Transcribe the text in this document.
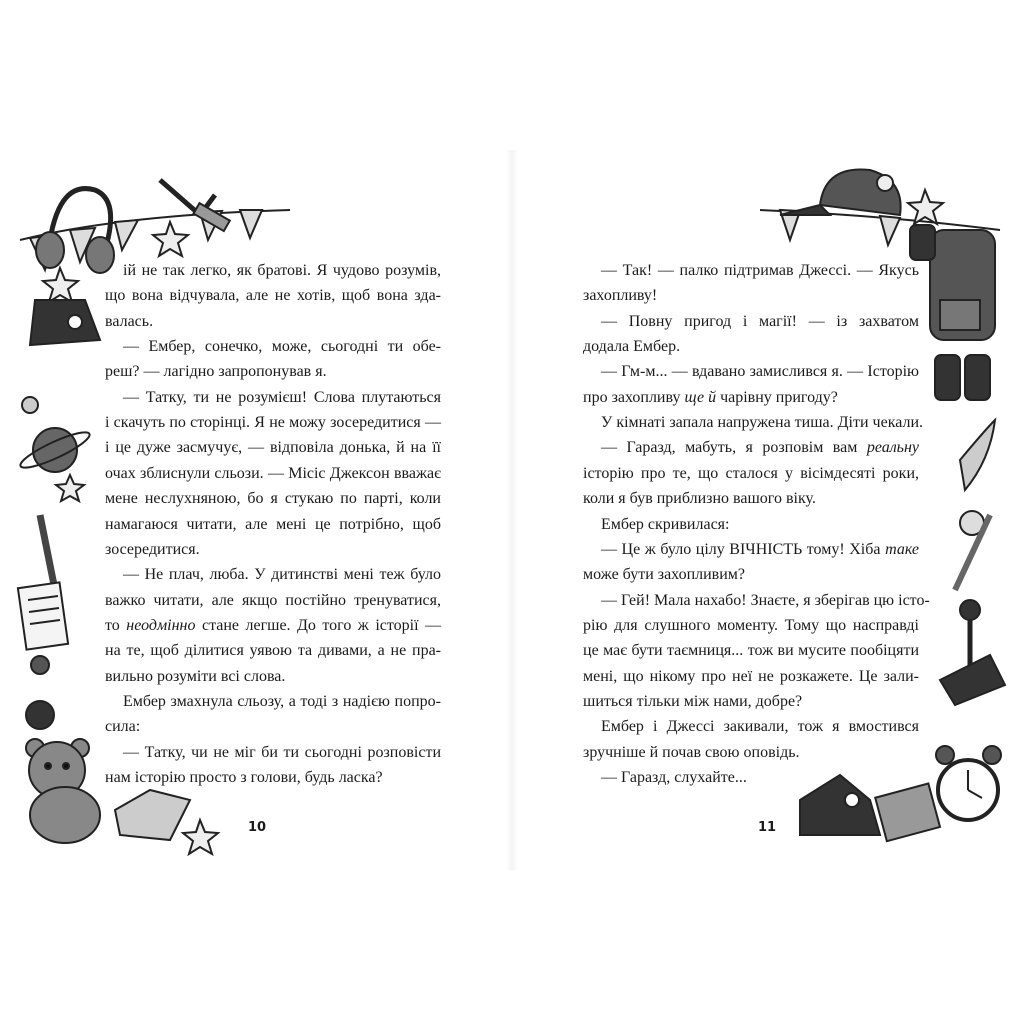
ій не так легко, як братові. Я чудово розумів,
що вона відчувала, але не хотів, щоб вона зда-
валась.
— Ембер, сонечко, може, сьогодні ти обе-
реш? — лагідно запропонував я.
— Татку, ти не розумієш! Слова плутаються
і скачуть по сторінці. Я не можу зосередитися —
і це дуже засмучує, — відповіла донька, й на її
очах зблиснули сльози. — Місіс Джексон вважає
мене неслухняною, бо я стукаю по парті, коли
намагаюся читати, але мені це потрібно, щоб
зосередитися.
— Не плач, люба. У дитинстві мені теж було
важко читати, але якщо постійно тренуватися,
то неодмінно стане легше. До того ж історії —
на те, щоб ділитися уявою та дивами, а не пра-
вильно розуміти всі слова.
Ембер змахнула сльозу, а тоді з надією попро-
сила:
— Татку, чи не міг би ти сьогодні розповісти
нам історію просто з голови, будь ласка?
— Так! — палко підтримав Джессі. — Якусь
захопливу!
— Повну пригод і магії! — із захватом
додала Ембер.
— Гм-м... — вдавано замислився я. — Історію
про захопливу ще й чарівну пригоду?
У кімнаті запала напружена тиша. Діти чекали.
— Гаразд, мабуть, я розповім вам реальну
історію про те, що сталося у вісімдесяті роки,
коли я був приблизно вашого віку.
Ембер скривилася:
— Це ж було цілу ВІЧНІСТЬ тому! Хіба таке
може бути захопливим?
— Гей! Мала нахабо! Знаєте, я зберігав цю істо-
рію для слушного моменту. Тому що насправді
це має бути таємниця... тож ви мусите пообіцяти
мені, що нікому про неї не розкажете. Це зали-
шиться тільки між нами, добре?
Ембер і Джессі закивали, тож я вмостився
зручніше й почав свою оповідь.
— Гаразд, слухайте...
10	11
